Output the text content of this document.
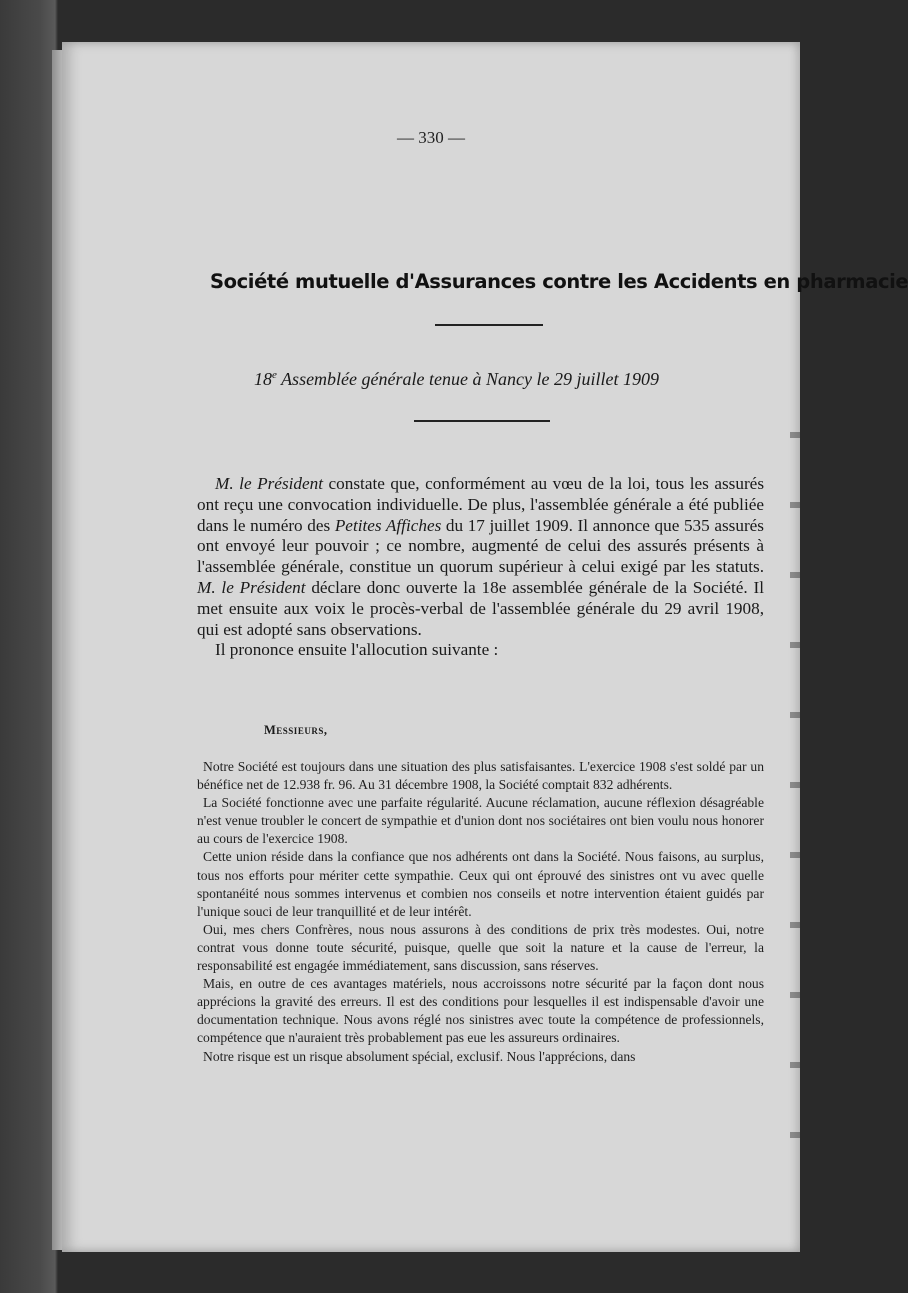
— 330 —
Société mutuelle d'Assurances contre les Accidents en pharmacie
18e Assemblée générale tenue à Nancy le 29 juillet 1909

M. le Président constate que, conformément au vœu de la loi, tous les assurés ont reçu une convocation individuelle. De plus, l'assemblée générale a été publiée dans le numéro des Petites Affiches du 17 juillet 1909. Il annonce que 535 assurés ont envoyé leur pouvoir ; ce nombre, augmenté de celui des assurés présents à l'assemblée générale, constitue un quorum supérieur à celui exigé par les statuts. M. le Président déclare donc ouverte la 18e assemblée générale de la Société. Il met ensuite aux voix le procès-verbal de l'assemblée générale du 29 avril 1908, qui est adopté sans observations.

Il prononce ensuite l'allocution suivante :

Messieurs,

Notre Société est toujours dans une situation des plus satisfaisantes. L'exercice 1908 s'est soldé par un bénéfice net de 12.938 fr. 96. Au 31 décembre 1908, la Société comptait 832 adhérents.

La Société fonctionne avec une parfaite régularité. Aucune réclamation, aucune réflexion désagréable n'est venue troubler le concert de sympathie et d'union dont nos sociétaires ont bien voulu nous honorer au cours de l'exercice 1908.

Cette union réside dans la confiance que nos adhérents ont dans la Société. Nous faisons, au surplus, tous nos efforts pour mériter cette sympathie. Ceux qui ont éprouvé des sinistres ont vu avec quelle spontanéité nous sommes intervenus et combien nos conseils et notre intervention étaient guidés par l'unique souci de leur tranquillité et de leur intérêt.

Oui, mes chers Confrères, nous nous assurons à des conditions de prix très modestes. Oui, notre contrat vous donne toute sécurité, puisque, quelle que soit la nature et la cause de l'erreur, la responsabilité est engagée immédiatement, sans discussion, sans réserves.

Mais, en outre de ces avantages matériels, nous accroissons notre sécurité par la façon dont nous apprécions la gravité des erreurs. Il est des conditions pour lesquelles il est indispensable d'avoir une documentation technique. Nous avons réglé nos sinistres avec toute la compétence de professionnels, compétence que n'auraient très probablement pas eue les assureurs ordinaires.

Notre risque est un risque absolument spécial, exclusif. Nous l'apprécions, dans
